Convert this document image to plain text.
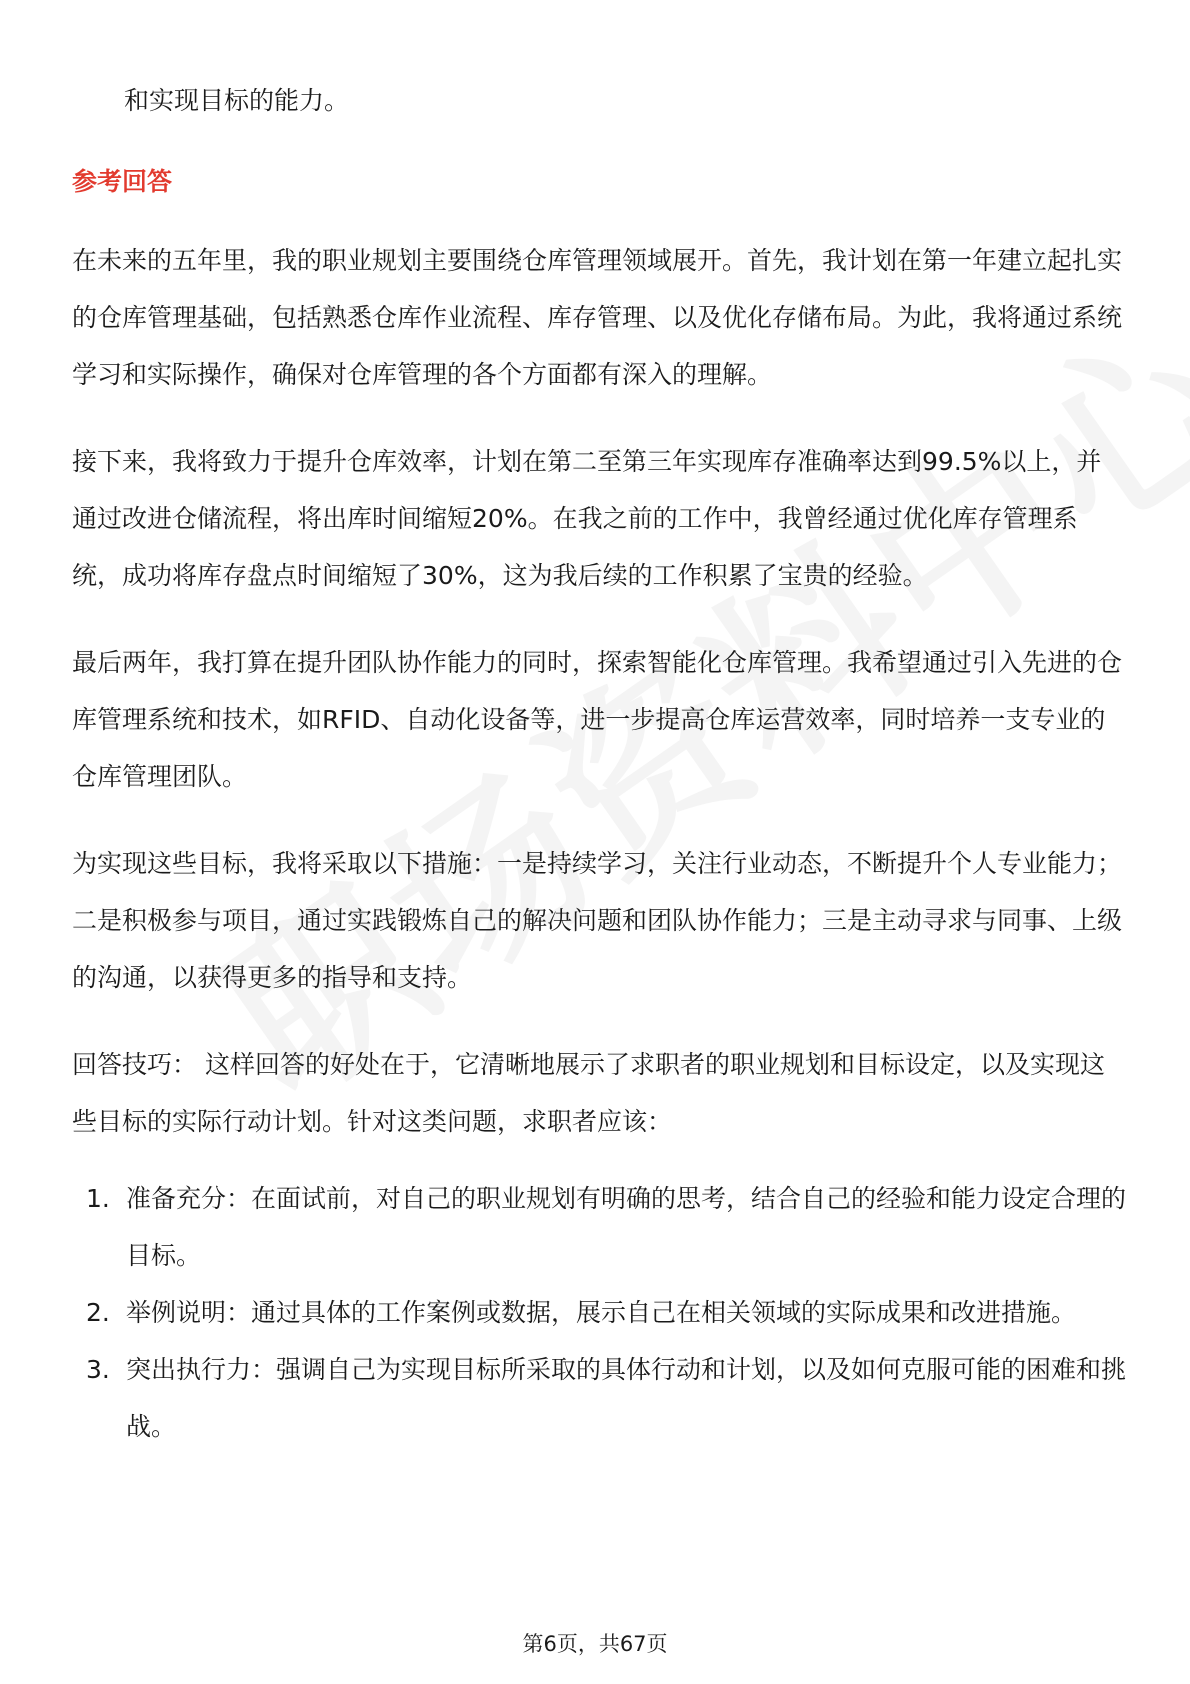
和实现目标的能力。

参考回答

在未来的五年里，我的职业规划主要围绕仓库管理领域展开。首先，我计划在第一年建立起扎实的仓库管理基础，包括熟悉仓库作业流程、库存管理、以及优化存储布局。为此，我将通过系统学习和实际操作，确保对仓库管理的各个方面都有深入的理解。

接下来，我将致力于提升仓库效率，计划在第二至第三年实现库存准确率达到99.5%以上，并通过改进仓储流程，将出库时间缩短20%。在我之前的工作中，我曾经通过优化库存管理系统，成功将库存盘点时间缩短了30%，这为我后续的工作积累了宝贵的经验。

最后两年，我打算在提升团队协作能力的同时，探索智能化仓库管理。我希望通过引入先进的仓库管理系统和技术，如RFID、自动化设备等，进一步提高仓库运营效率，同时培养一支专业的仓库管理团队。

为实现这些目标，我将采取以下措施：一是持续学习，关注行业动态，不断提升个人专业能力；二是积极参与项目，通过实践锻炼自己的解决问题和团队协作能力；三是主动寻求与同事、上级的沟通，以获得更多的指导和支持。

回答技巧： 这样回答的好处在于，它清晰地展示了求职者的职业规划和目标设定，以及实现这些目标的实际行动计划。针对这类问题，求职者应该：

1. 准备充分：在面试前，对自己的职业规划有明确的思考，结合自己的经验和能力设定合理的目标。
2. 举例说明：通过具体的工作案例或数据，展示自己在相关领域的实际成果和改进措施。
3. 突出执行力：强调自己为实现目标所采取的具体行动和计划，以及如何克服可能的困难和挑战。
第6页，共67页
